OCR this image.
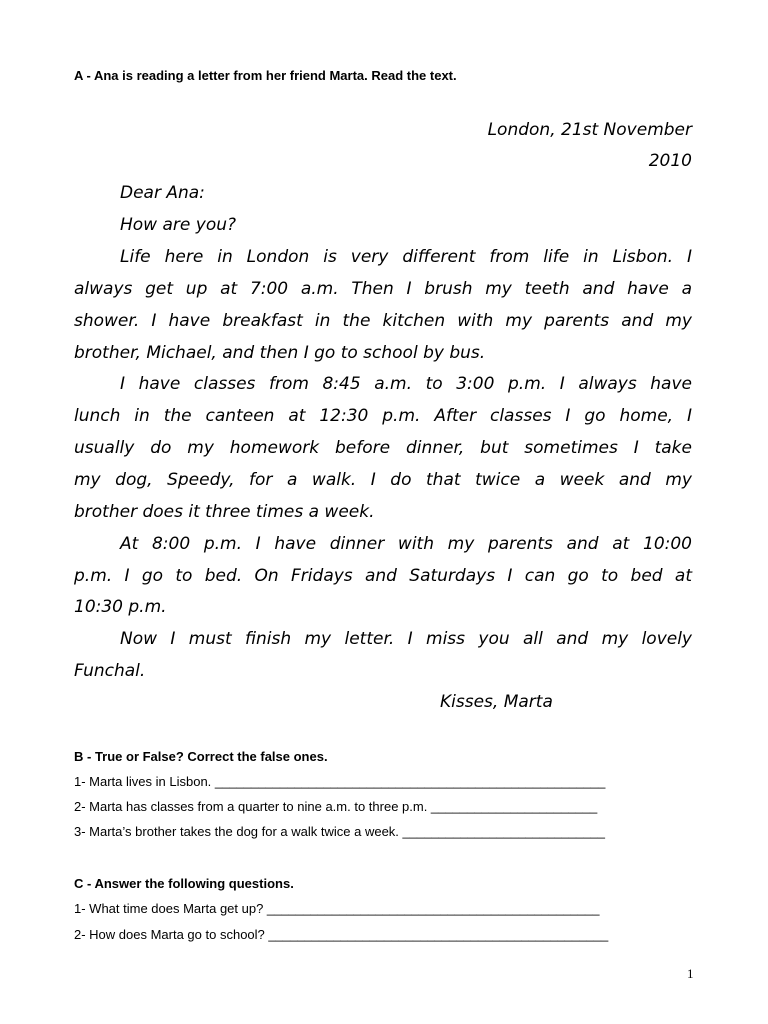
A - Ana is reading a letter from her friend Marta. Read the text.
London, 21st November
2010
Dear Ana:
How are you?
Life here in London is very different from life in Lisbon. I
always get up at 7:00 a.m. Then I brush my teeth and have a
shower. I have breakfast in the kitchen with my parents and my
brother, Michael, and then I go to school by bus.
I have classes from 8:45 a.m. to 3:00 p.m. I always have
lunch in the canteen at 12:30 p.m. After classes I go home, I
usually do my homework before dinner, but sometimes I take
my dog, Speedy, for a walk. I do that twice a week and my
brother does it three times a week.
At 8:00 p.m. I have dinner with my parents and at 10:00
p.m. I go to bed. On Fridays and Saturdays I can go to bed at
10:30 p.m.
Now I must finish my letter. I miss you all and my lovely
Funchal.
Kisses, Marta
B - True or False? Correct the false ones.
1- Marta lives in Lisbon. ______________________________________________________
2- Marta has classes from a quarter to nine a.m. to three p.m. _______________________
3- Marta’s brother takes the dog for a walk twice a week. ____________________________
C - Answer the following questions.
1- What time does Marta get up? ______________________________________________
2- How does Marta go to school? _______________________________________________
1
